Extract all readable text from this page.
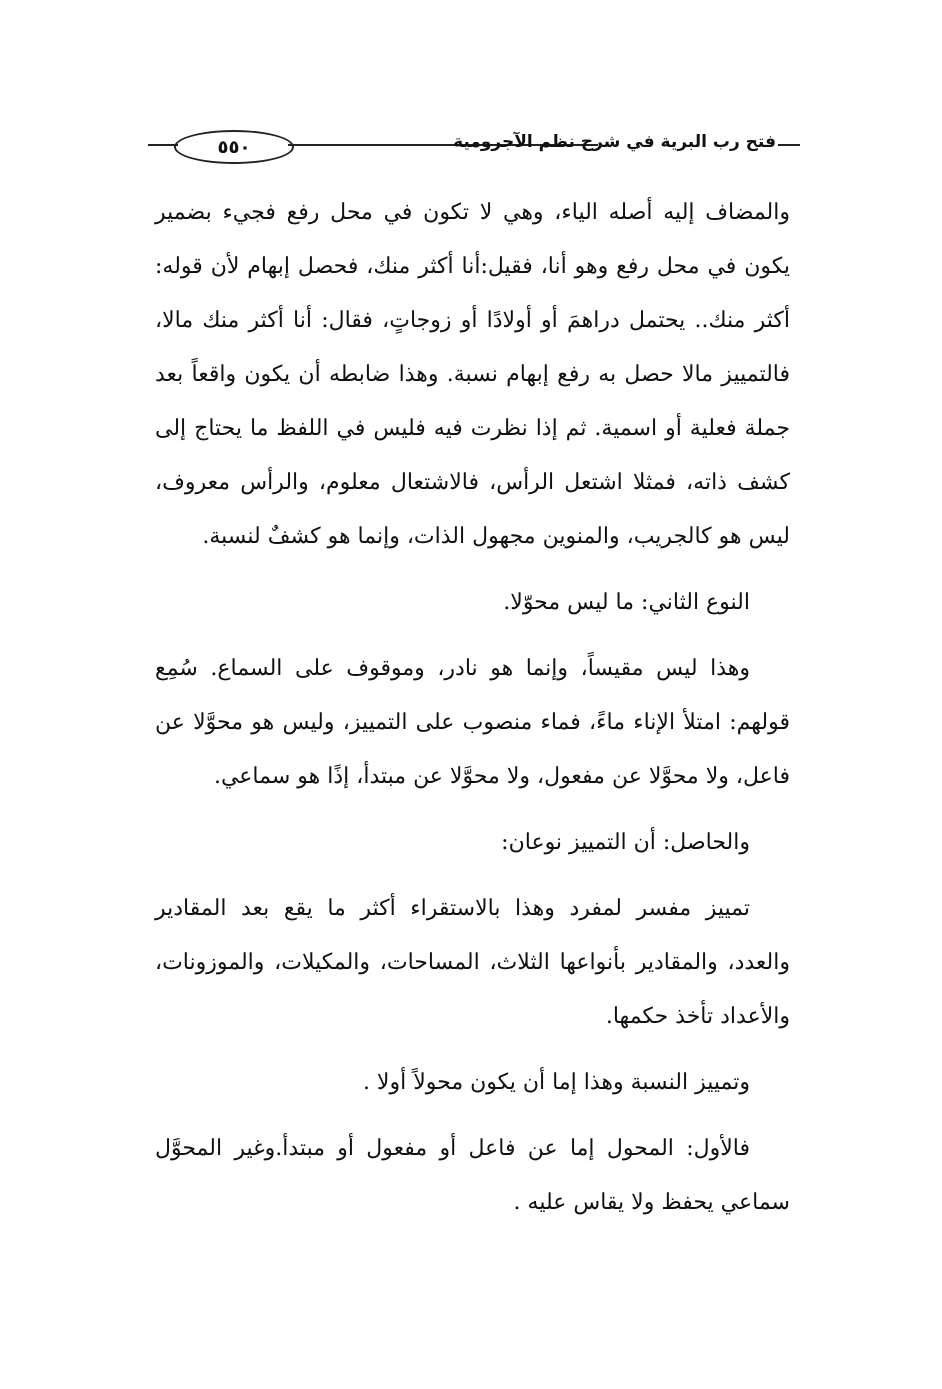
٥٥٠	فتح رب البرية في شرح نظم الآجرومية

والمضاف إليه أصله الياء، وهي لا تكون في محل رفع فجيء بضمير يكون في محل رفع وهو أنا، فقيل:أنا أكثر منك، فحصل إبهام لأن قوله: أكثر منك.. يحتمل دراهمَ أو أولادًا أو زوجاتٍ، فقال: أنا أكثر منك مالا، فالتمييز مالا حصل به رفع إبهام نسبة. وهذا ضابطه أن يكون واقعاً بعد جملة فعلية أو اسمية. ثم إذا نظرت فيه فليس في اللفظ ما يحتاج إلى كشف ذاته، فمثلا اشتعل الرأس، فالاشتعال معلوم، والرأس معروف، ليس هو كالجريب، والمنوين مجهول الذات، وإنما هو كشفٌ لنسبة.

النوع الثاني: ما ليس محوّلا.

وهذا ليس مقيساً، وإنما هو نادر، وموقوف على السماع. سُمِع قولهم: امتلأ الإناء ماءً، فماء منصوب على التمييز، وليس هو محوَّلا عن فاعل، ولا محوَّلا عن مفعول، ولا محوَّلا عن مبتدأ، إذًا هو سماعي.

والحاصل: أن التمييز نوعان:

تمييز مفسر لمفرد وهذا بالاستقراء أكثر ما يقع بعد المقادير والعدد، والمقادير بأنواعها الثلاث، المساحات، والمكيلات، والموزونات، والأعداد تأخذ حكمها.

وتمييز النسبة وهذا إما أن يكون محولاً أولا .

فالأول: المحول إما عن فاعل أو مفعول أو مبتدأ.وغير المحوَّل سماعي يحفظ ولا يقاس عليه .
